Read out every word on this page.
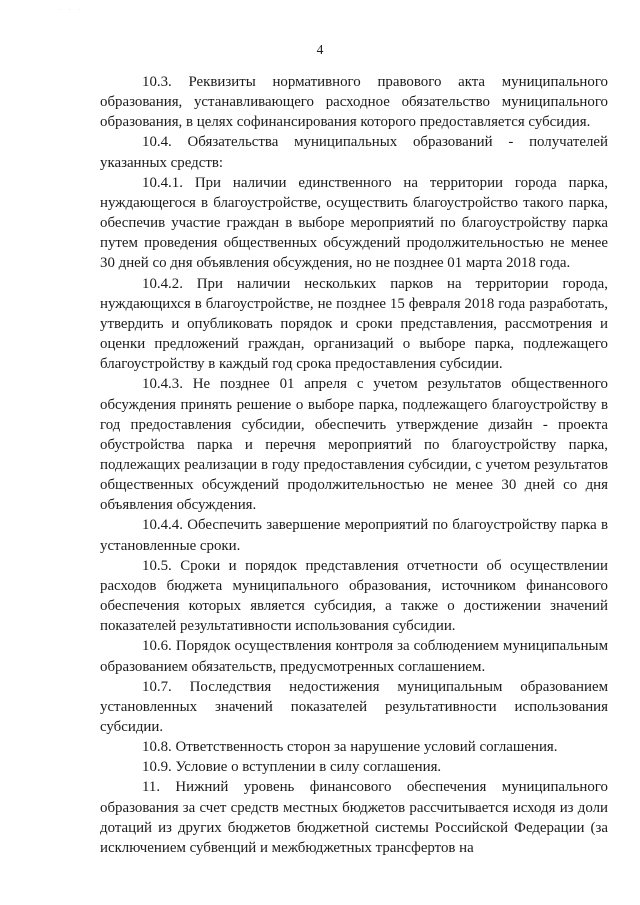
. . .
4

10.3. Реквизиты нормативного правового акта муниципального образования, устанавливающего расходное обязательство муниципального образования, в целях софинансирования которого предоставляется субсидия.

10.4. Обязательства муниципальных образований - получателей указанных средств:

10.4.1. При наличии единственного на территории города парка, нуждающегося в благоустройстве, осуществить благоустройство такого парка, обеспечив участие граждан в выборе мероприятий по благоустройству парка путем проведения общественных обсуждений продолжительностью не менее 30 дней со дня объявления обсуждения, но не позднее 01 марта 2018 года.

10.4.2. При наличии нескольких парков на территории города, нуждающихся в благоустройстве, не позднее 15 февраля 2018 года разработать, утвердить и опубликовать порядок и сроки представления, рассмотрения и оценки предложений граждан, организаций о выборе парка, подлежащего благоустройству в каждый год срока предоставления субсидии.

10.4.3. Не позднее 01 апреля с учетом результатов общественного обсуждения принять решение о выборе парка, подлежащего благоустройству в год предоставления субсидии, обеспечить утверждение дизайн - проекта обустройства парка и перечня мероприятий по благоустройству парка, подлежащих реализации в году предоставления субсидии, с учетом результатов общественных обсуждений продолжительностью не менее 30 дней со дня объявления обсуждения.

10.4.4. Обеспечить завершение мероприятий по благоустройству парка в установленные сроки.

10.5. Сроки и порядок представления отчетности об осуществлении расходов бюджета муниципального образования, источником финансового обеспечения которых является субсидия, а также о достижении значений показателей результативности использования субсидии.

10.6. Порядок осуществления контроля за соблюдением муниципальным образованием обязательств, предусмотренных соглашением.

10.7. Последствия недостижения муниципальным образованием установленных значений показателей результативности использования субсидии.

10.8. Ответственность сторон за нарушение условий соглашения.

10.9. Условие о вступлении в силу соглашения.

11. Нижний уровень финансового обеспечения муниципального образования за счет средств местных бюджетов рассчитывается исходя из доли дотаций из других бюджетов бюджетной системы Российской Федерации (за исключением субвенций и межбюджетных трансфертов на
